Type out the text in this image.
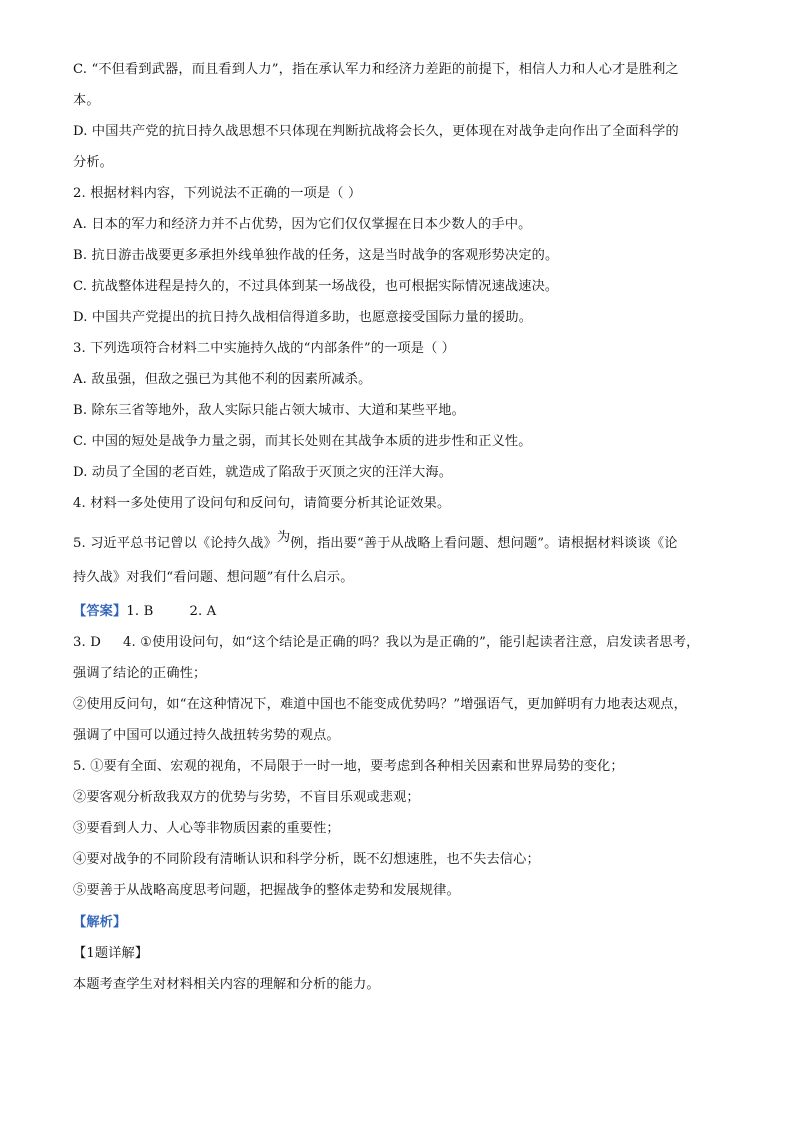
C. “不但看到武器，而且看到人力”，指在承认军力和经济力差距的前提下，相信人力和人心才是胜利之
本。
D. 中国共产党的抗日持久战思想不只体现在判断抗战将会长久，更体现在对战争走向作出了全面科学的
分析。
2. 根据材料内容，下列说法不正确的一项是（ ）
A. 日本的军力和经济力并不占优势，因为它们仅仅掌握在日本少数人的手中。
B. 抗日游击战要更多承担外线单独作战的任务，这是当时战争的客观形势决定的。
C. 抗战整体进程是持久的，不过具体到某一场战役，也可根据实际情况速战速决。
D. 中国共产党提出的抗日持久战相信得道多助，也愿意接受国际力量的援助。
3. 下列选项符合材料二中实施持久战的“内部条件”的一项是（ ）
A. 敌虽强，但敌之强已为其他不利的因素所减杀。
B. 除东三省等地外，敌人实际只能占领大城市、大道和某些平地。
C. 中国的短处是战争力量之弱，而其长处则在其战争本质的进步性和正义性。
D. 动员了全国的老百姓，就造成了陷敌于灭顶之灾的汪洋大海。
4. 材料一多处使用了设问句和反问句，请简要分析其论证效果。
5. 习近平总书记曾以《论持久战》为例，指出要“善于从战略上看问题、想问题”。请根据材料谈谈《论
持久战》对我们“看问题、想问题”有什么启示。
【答案】1. B	2. A
3. D 4. ①使用设问句，如“这个结论是正确的吗？我以为是正确的”，能引起读者注意，启发读者思考，
强调了结论的正确性；
②使用反问句，如“在这种情况下，难道中国也不能变成优势吗？”增强语气，更加鲜明有力地表达观点，
强调了中国可以通过持久战扭转劣势的观点。
5. ①要有全面、宏观的视角，不局限于一时一地，要考虑到各种相关因素和世界局势的变化；
②要客观分析敌我双方的优势与劣势，不盲目乐观或悲观；
③要看到人力、人心等非物质因素的重要性；
④要对战争的不同阶段有清晰认识和科学分析，既不幻想速胜，也不失去信心；
⑤要善于从战略高度思考问题，把握战争的整体走势和发展规律。
【解析】
【1题详解】
本题考查学生对材料相关内容的理解和分析的能力。
